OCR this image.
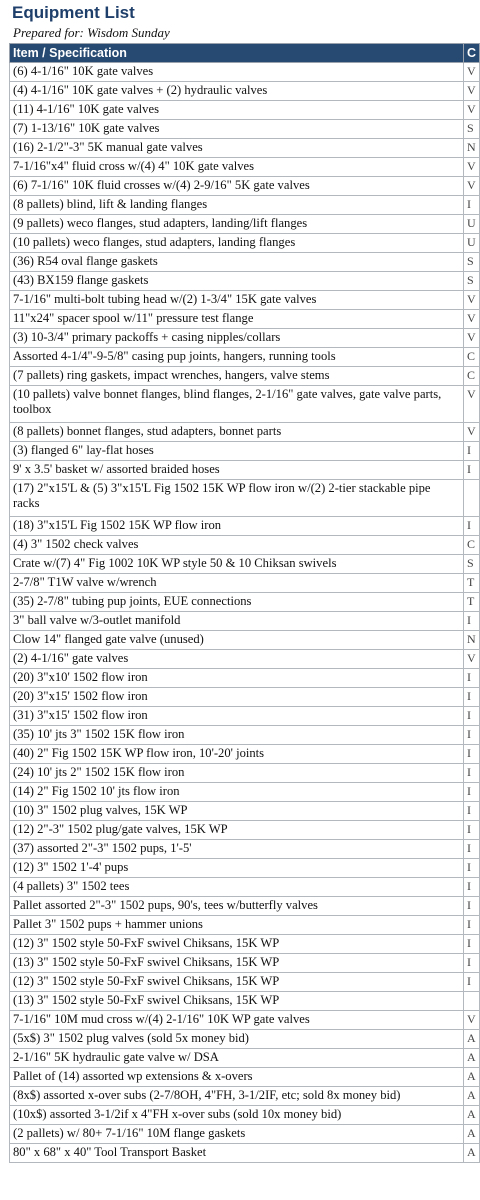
Equipment List
Prepared for: Wisdom Sunday
Item / Specification	C
(6) 4-1/16" 10K gate valves	V
(4) 4-1/16" 10K gate valves + (2) hydraulic valves	V
(11) 4-1/16" 10K gate valves	V
(7) 1-13/16" 10K gate valves	S
(16) 2-1/2"-3" 5K manual gate valves	N
7-1/16"x4" fluid cross w/(4) 4" 10K gate valves	V
(6) 7-1/16" 10K fluid crosses w/(4) 2-9/16" 5K gate valves	V
(8 pallets) blind, lift & landing flanges	I
(9 pallets) weco flanges, stud adapters, landing/lift flanges	U
(10 pallets) weco flanges, stud adapters, landing flanges	U
(36) R54 oval flange gaskets	S
(43) BX159 flange gaskets	S
7-1/16" multi-bolt tubing head w/(2) 1-3/4" 15K gate valves	V
11"x24" spacer spool w/11" pressure test flange	V
(3) 10-3/4" primary packoffs + casing nipples/collars	V
Assorted 4-1/4"-9-5/8" casing pup joints, hangers, running tools	C
(7 pallets) ring gaskets, impact wrenches, hangers, valve stems	C
(10 pallets) valve bonnet flanges, blind flanges, 2-1/16" gate valves, gate valve parts, toolbox	V
(8 pallets) bonnet flanges, stud adapters, bonnet parts	V
(3) flanged 6" lay-flat hoses	I
9' x 3.5' basket w/ assorted braided hoses	I
(17) 2"x15'L & (5) 3"x15'L Fig 1502 15K WP flow iron w/(2) 2-tier stackable pipe racks	
(18) 3"x15'L Fig 1502 15K WP flow iron	I
(4) 3" 1502 check valves	C
Crate w/(7) 4" Fig 1002 10K WP style 50 & 10 Chiksan swivels	S
2-7/8" T1W valve w/wrench	T
(35) 2-7/8" tubing pup joints, EUE connections	T
3" ball valve w/3-outlet manifold	I
Clow 14" flanged gate valve (unused)	N
(2) 4-1/16" gate valves	V
(20) 3"x10' 1502 flow iron	I
(20) 3"x15' 1502 flow iron	I
(31) 3"x15' 1502 flow iron	I
(35) 10' jts 3" 1502 15K flow iron	I
(40) 2" Fig 1502 15K WP flow iron, 10'-20' joints	I
(24) 10' jts 2" 1502 15K flow iron	I
(14) 2" Fig 1502 10' jts flow iron	I
(10) 3" 1502 plug valves, 15K WP	I
(12) 2"-3" 1502 plug/gate valves, 15K WP	I
(37) assorted 2"-3" 1502 pups, 1'-5'	I
(12) 3" 1502 1'-4' pups	I
(4 pallets) 3" 1502 tees	I
Pallet assorted 2"-3" 1502 pups, 90's, tees w/butterfly valves	I
Pallet 3" 1502 pups + hammer unions	I
(12) 3" 1502 style 50-FxF swivel Chiksans, 15K WP	I
(13) 3" 1502 style 50-FxF swivel Chiksans, 15K WP	I
(12) 3" 1502 style 50-FxF swivel Chiksans, 15K WP	I
(13) 3" 1502 style 50-FxF swivel Chiksans, 15K WP	
7-1/16" 10M mud cross w/(4) 2-1/16" 10K WP gate valves	V
(5x$) 3" 1502 plug valves (sold 5x money bid)	A
2-1/16" 5K hydraulic gate valve w/ DSA	A
Pallet of (14) assorted wp extensions & x-overs	A
(8x$) assorted x-over subs (2-7/8OH, 4"FH, 3-1/2IF, etc; sold 8x money bid)	A
(10x$) assorted 3-1/2if x 4"FH x-over subs (sold 10x money bid)	A
(2 pallets) w/ 80+ 7-1/16" 10M flange gaskets	A
80" x 68" x 40" Tool Transport Basket	A
